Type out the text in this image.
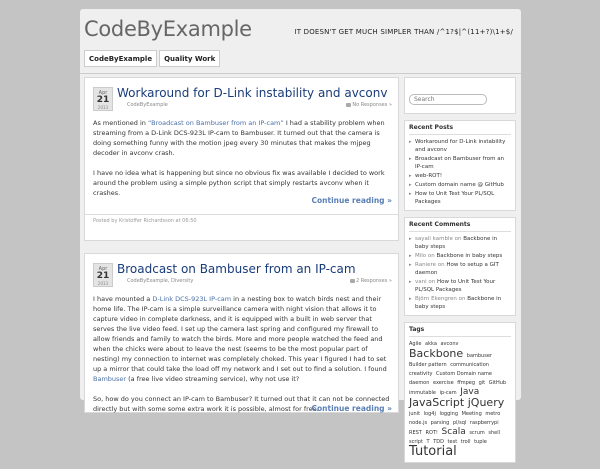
CodeByExample	IT DOESN'T GET MUCH SIMPLER THAN /^1?$|^(11+?)\1+$/
CodeByExample	Quality Work
Apr
21
2013
Workaround for D-Link instability and avconv
CodeByExample	No Responses »

As mentioned in “Broadcast on Bambuser from an IP-cam” I had a stability problem when streaming from a D-Link DCS-923L IP-cam to Bambuser. It turned out that the camera is doing something funny with the motion jpeg every 30 minutes that makes the mjpeg decoder in avconv crash.

I have no idea what is happening but since no obvious fix was available I decided to work around the problem using a simple python script that simply restarts avconv when it crashes.

Continue reading »
Posted by Kristoffer Richardsson at 06:50
Apr
21
2013
Broadcast on Bambuser from an IP-cam
CodeByExample, Diversity	2 Responses »

I have mounted a D-Link DCS-923L IP-cam in a nesting box to watch birds nest and their home life. The IP-cam is a simple surveillance camera with night vision that allows it to capture video in complete darkness, and it is equipped with a built in web server that serves the live video feed. I set up the camera last spring and configured my firewall to allow friends and family to watch the birds. More and more people watched the feed and when the chicks were about to leave the nest (seems to be the most popular part of nesting) my connection to internet was completely choked. This year I figured I had to set up a mirror that could take the load off my network and I set out to find a solution. I found Bambuser (a free live video streaming service), why not use it?

So, how do you connect an IP-cam to Bambuser? It turned out that it can not be connected directly but with some some extra work it is possible, almost for free.

Continue reading »
Search
Recent Posts
▸ Workaround for D-Link instability and avconv
▸ Broadcast on Bambuser from an IP-cam
▸ web-ROT!
▸ Custom domain name @ GitHub
▸ How to Unit Test Your PL/SQL Packages
Recent Comments
▸ sayali kamble on Backbone in baby steps
▸ Milo on Backbone in baby steps
▸ Raniere on How to setup a GIT daemon
▸ vani on How to Unit Test Your PL/SQL Packages
▸ Björn Ekengren on Backbone in baby steps
Tags
Agile akka avconv Backbone bambuser Builder pattern communication creativity Custom Domain name daemon exercise ffmpeg git GitHub immutable ip-cam Java JavaScript jQuery junit log4j logging Meeting metro node.js parsing pl/sql raspberrypi REST ROT! Scala scrum shell script T TDD test troll tuple Tutorial
